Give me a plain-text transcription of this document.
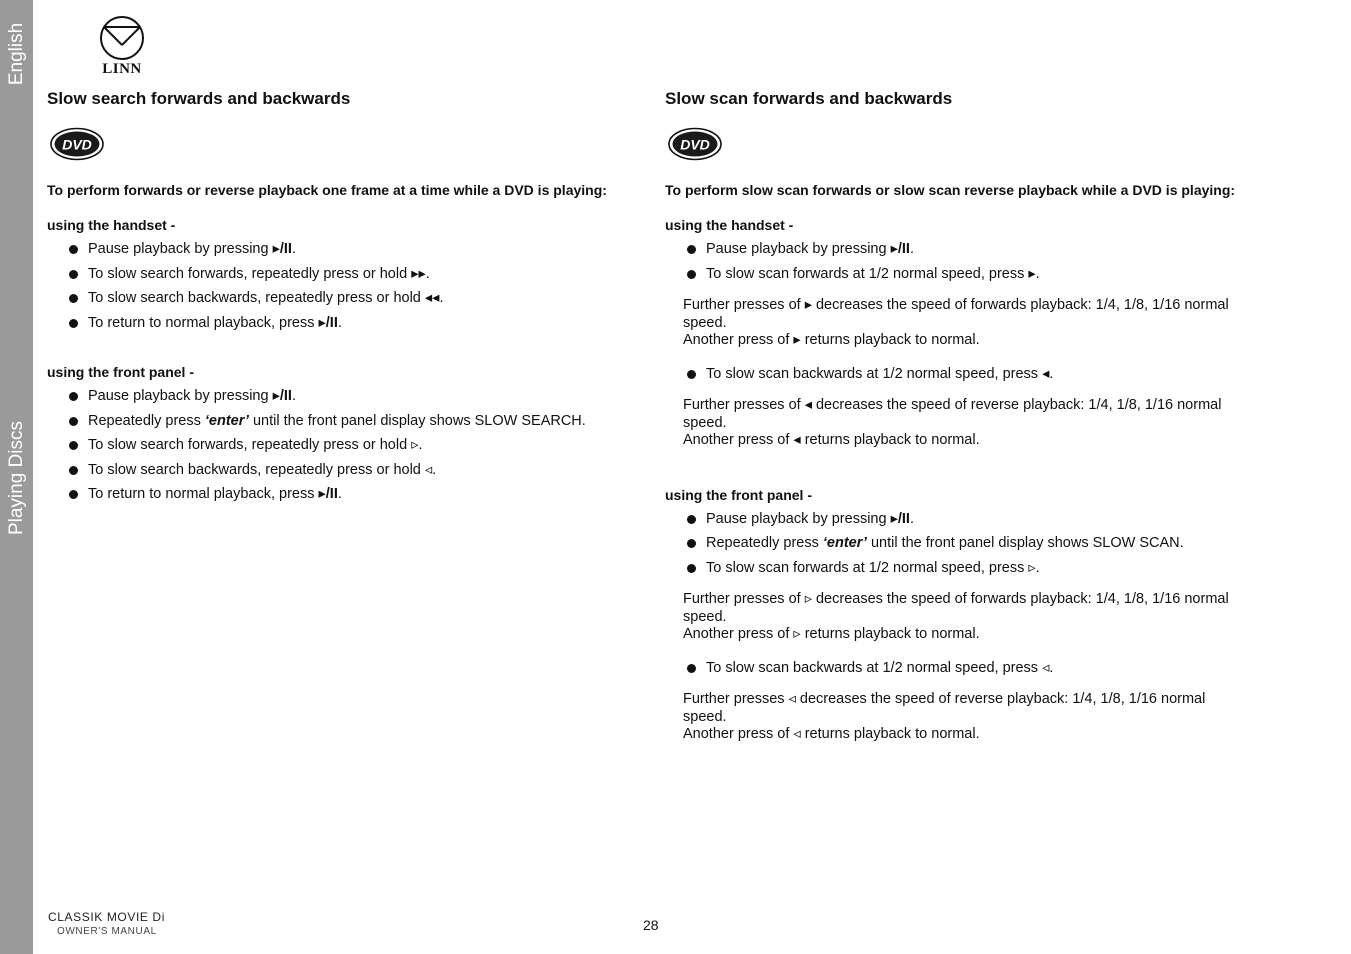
English
Playing Discs
LINN
Slow search forwards and backwards
DVD

To perform forwards or reverse playback one frame at a time while a DVD is playing:

using the handset -

Pause playback by pressing ▸/II.
To slow search forwards, repeatedly press or hold ▸▸.
To slow search backwards, repeatedly press or hold ◂◂.
To return to normal playback, press ▸/II.

using the front panel -

Pause playback by pressing ▸/II.
Repeatedly press ‘enter’ until the front panel display shows SLOW SEARCH.
To slow search forwards, repeatedly press or hold ▹.
To slow search backwards, repeatedly press or hold ◃.
To return to normal playback, press ▸/II.
Slow scan forwards and backwards
DVD

To perform slow scan forwards or slow scan reverse playback while a DVD is playing:

using the handset -

Pause playback by pressing ▸/II.
To slow scan forwards at 1/2 normal speed, press ▸.

Further presses of ▸ decreases the speed of forwards playback: 1/4, 1/8, 1/16 normal speed.
Another press of ▸ returns playback to normal.

To slow scan backwards at 1/2 normal speed, press ◂.

Further presses of ◂ decreases the speed of reverse playback: 1/4, 1/8, 1/16 normal speed.
Another press of ◂ returns playback to normal.

using the front panel -

Pause playback by pressing ▸/II.
Repeatedly press ‘enter’ until the front panel display shows SLOW SCAN.
To slow scan forwards at 1/2 normal speed, press ▹.

Further presses of ▹ decreases the speed of forwards playback: 1/4, 1/8, 1/16 normal speed.
Another press of ▹ returns playback to normal.

To slow scan backwards at 1/2 normal speed, press ◃.

Further presses ◃ decreases the speed of reverse playback: 1/4, 1/8, 1/16 normal speed.
Another press of ◃ returns playback to normal.

CLASSIK MOVIE Di
OWNER'S MANUAL	28
